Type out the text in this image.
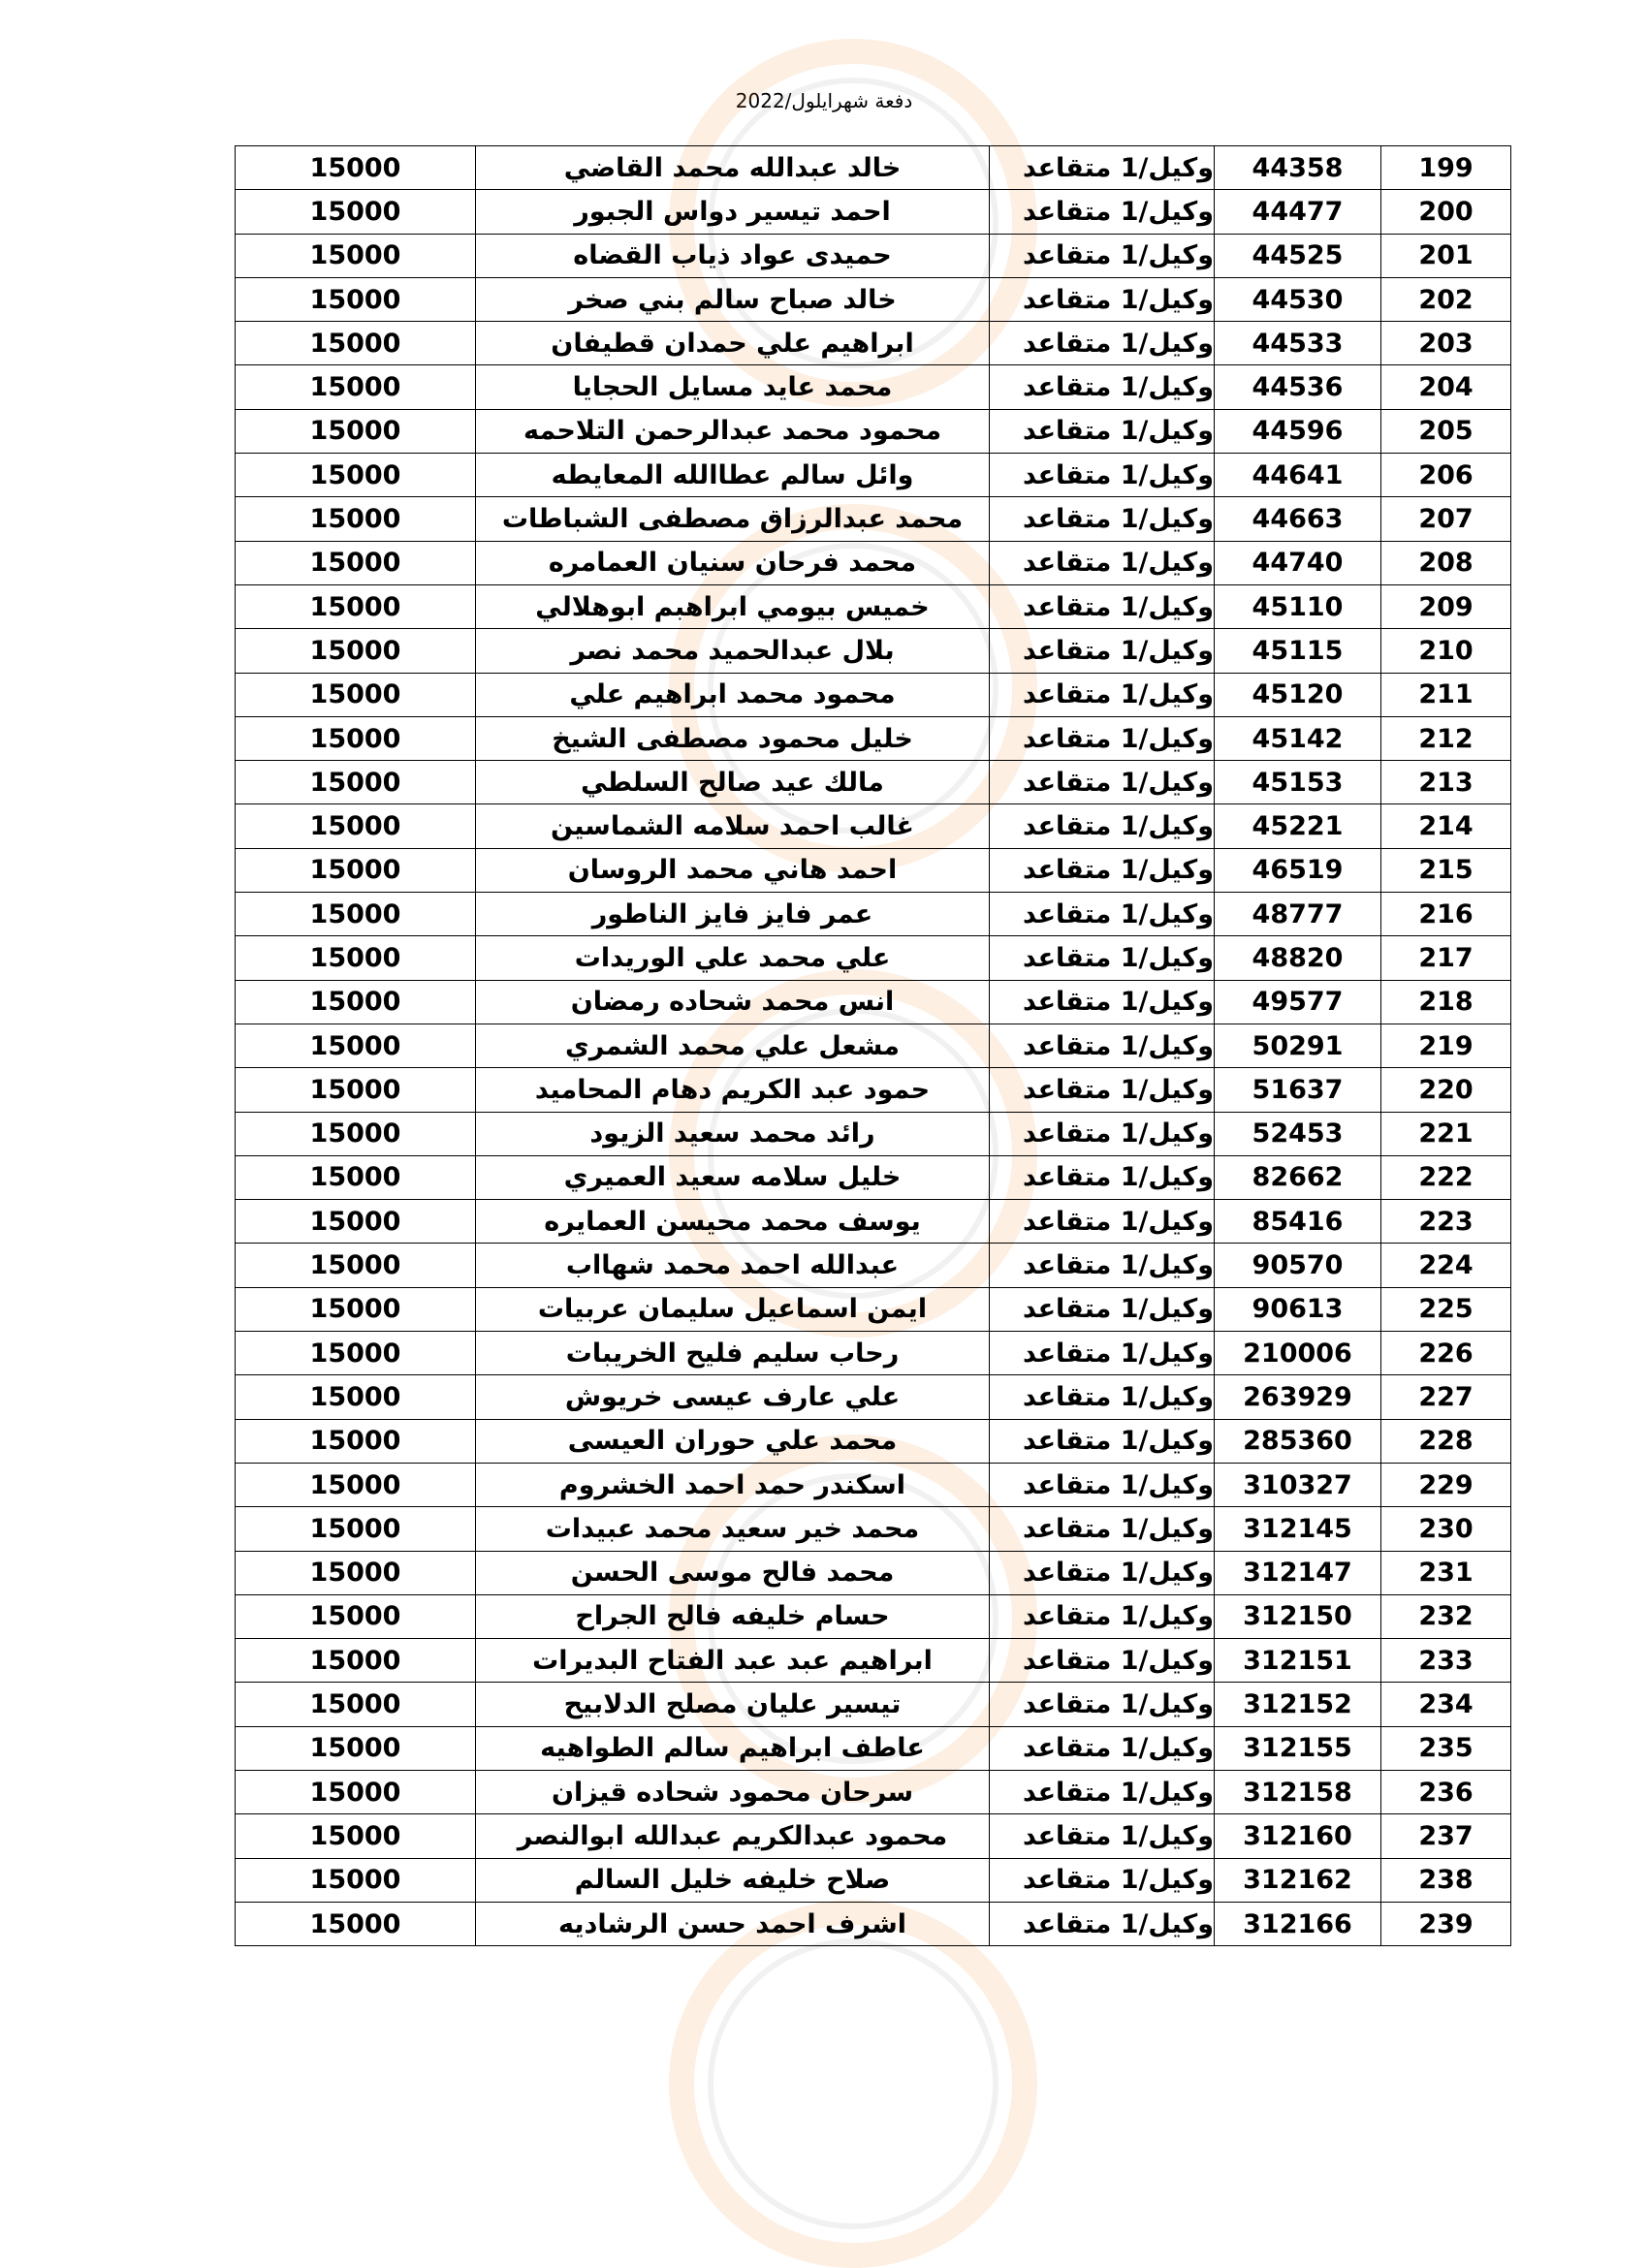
دفعة شهرايلول/2022
15000	خالد عبدالله محمد القاضي	وكيل/1 متقاعد	44358	199
15000	احمد تيسير دواس الجبور	وكيل/1 متقاعد	44477	200
15000	حميدى عواد ذياب القضاه	وكيل/1 متقاعد	44525	201
15000	خالد صباح سالم بني صخر	وكيل/1 متقاعد	44530	202
15000	ابراهيم علي حمدان قطيفان	وكيل/1 متقاعد	44533	203
15000	محمد عايد مسايل الحجايا	وكيل/1 متقاعد	44536	204
15000	محمود محمد عبدالرحمن التلاحمه	وكيل/1 متقاعد	44596	205
15000	وائل سالم عطاالله المعايطه	وكيل/1 متقاعد	44641	206
15000	محمد عبدالرزاق مصطفى الشباطات	وكيل/1 متقاعد	44663	207
15000	محمد فرحان سنيان العمامره	وكيل/1 متقاعد	44740	208
15000	خميس بيومي ابراهبم ابوهلالي	وكيل/1 متقاعد	45110	209
15000	بلال عبدالحميد محمد نصر	وكيل/1 متقاعد	45115	210
15000	محمود محمد ابراهيم علي	وكيل/1 متقاعد	45120	211
15000	خليل محمود مصطفى الشيخ	وكيل/1 متقاعد	45142	212
15000	مالك عيد صالح السلطي	وكيل/1 متقاعد	45153	213
15000	غالب احمد سلامه الشماسين	وكيل/1 متقاعد	45221	214
15000	احمد هاني محمد الروسان	وكيل/1 متقاعد	46519	215
15000	عمر فايز فايز الناطور	وكيل/1 متقاعد	48777	216
15000	علي محمد علي الوريدات	وكيل/1 متقاعد	48820	217
15000	انس محمد شحاده رمضان	وكيل/1 متقاعد	49577	218
15000	مشعل علي محمد الشمري	وكيل/1 متقاعد	50291	219
15000	حمود عبد الكريم دهام المحاميد	وكيل/1 متقاعد	51637	220
15000	رائد محمد سعيد الزيود	وكيل/1 متقاعد	52453	221
15000	خليل سلامه سعيد العميري	وكيل/1 متقاعد	82662	222
15000	يوسف محمد محيسن العمايره	وكيل/1 متقاعد	85416	223
15000	عبدالله احمد محمد شهااب	وكيل/1 متقاعد	90570	224
15000	ايمن اسماعيل سليمان عربيات	وكيل/1 متقاعد	90613	225
15000	رحاب سليم فليح الخريبات	وكيل/1 متقاعد	210006	226
15000	علي عارف عيسى خريوش	وكيل/1 متقاعد	263929	227
15000	محمد علي حوران العيسى	وكيل/1 متقاعد	285360	228
15000	اسكندر حمد احمد الخشروم	وكيل/1 متقاعد	310327	229
15000	محمد خير سعيد محمد عبيدات	وكيل/1 متقاعد	312145	230
15000	محمد فالح موسى الحسن	وكيل/1 متقاعد	312147	231
15000	حسام خليفه فالح الجراح	وكيل/1 متقاعد	312150	232
15000	ابراهيم عبد عبد الفتاح البديرات	وكيل/1 متقاعد	312151	233
15000	تيسير عليان مصلح الدلابيح	وكيل/1 متقاعد	312152	234
15000	عاطف ابراهيم سالم الطواهيه	وكيل/1 متقاعد	312155	235
15000	سرحان محمود شحاده قيزان	وكيل/1 متقاعد	312158	236
15000	محمود عبدالكريم عبدالله ابوالنصر	وكيل/1 متقاعد	312160	237
15000	صلاح خليفه خليل السالم	وكيل/1 متقاعد	312162	238
15000	اشرف احمد حسن الرشاديه	وكيل/1 متقاعد	312166	239
